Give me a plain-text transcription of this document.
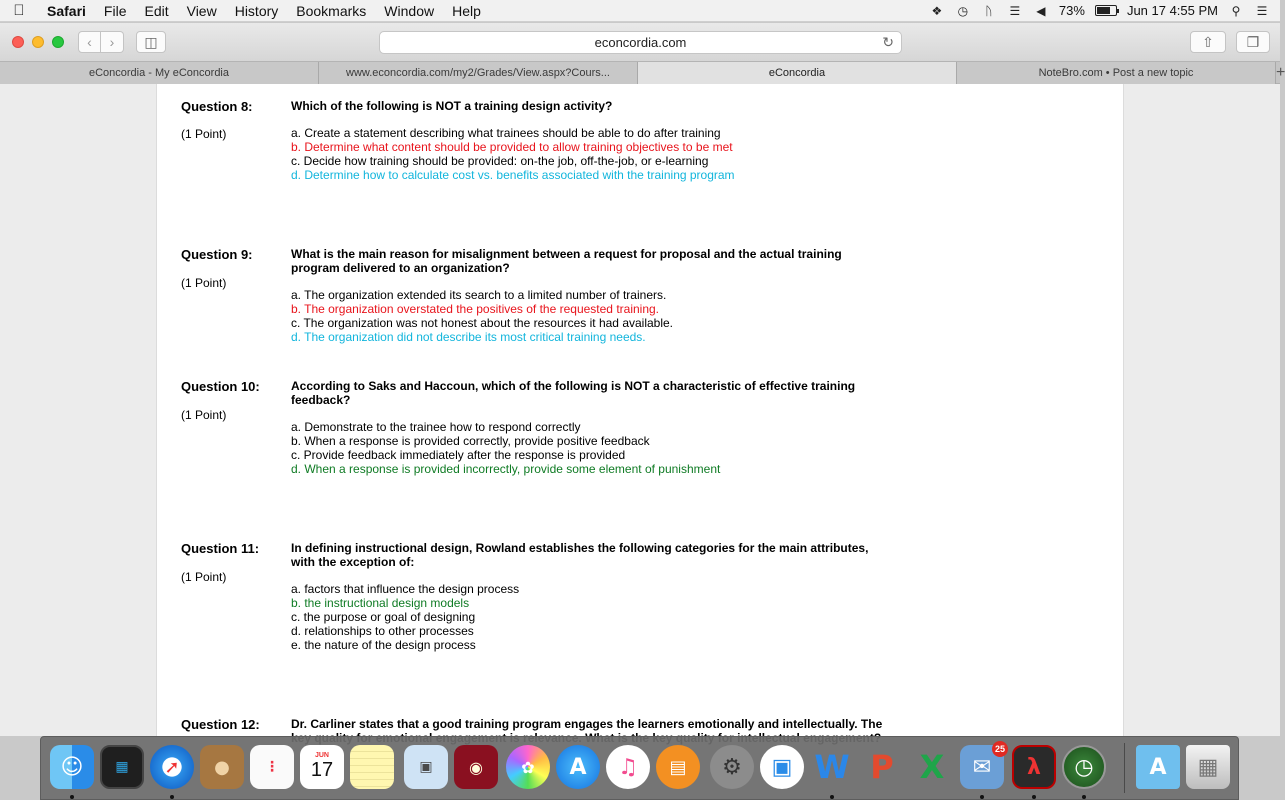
Safari	File	Edit	View	History	Bookmarks	Window	Help	❖ ◷	ᚢ	☰ ◀ 73%	Jun 17 4:55 PM ⚲	☰
‹	›	◫	econcordia.com	↻	⇧	❐
eConcordia - My eConcordia	www.econcordia.com/my2/Grades/View.aspx?Cours...	eConcordia	NoteBro.com • Post a new topic	+
Question 8:
(1 Point)
Which of the following is NOT a training design activity?
a. Create a statement describing what trainees should be able to do after training
b. Determine what content should be provided to allow training objectives to be met
c. Decide how training should be provided: on-the job, off-the-job, or e-learning
d. Determine how to calculate cost vs. benefits associated with the training program
Question 9:
(1 Point)
What is the main reason for misalignment between a request for proposal and the actual training program delivered to an organization?
a. The organization extended its search to a limited number of trainers.
b. The organization overstated the positives of the requested training.
c. The organization was not honest about the resources it had available.
d. The organization did not describe its most critical training needs.
Question 10:
(1 Point)
According to Saks and Haccoun, which of the following is NOT a characteristic of effective training feedback?
a. Demonstrate to the trainee how to respond correctly
b. When a response is provided correctly, provide positive feedback
c. Provide feedback immediately after the response is provided
d. When a response is provided incorrectly, provide some element of punishment
Question 11:
(1 Point)
In defining instructional design, Rowland establishes the following categories for the main attributes, with the exception of:
a. factors that influence the design process
b. the instructional design models
c. the purpose or goal of designing
d. relationships to other processes
e. the nature of the design process
Question 12:	Dr. Carliner states that a good training program engages the learners emotionally and intellectually. The
☺	▦ ➚ ●	⋮
JUN
17	▣	◉	✿	A	♫	▤	⚙	▣ W P X	✉
25
λ	◷	A	▦
